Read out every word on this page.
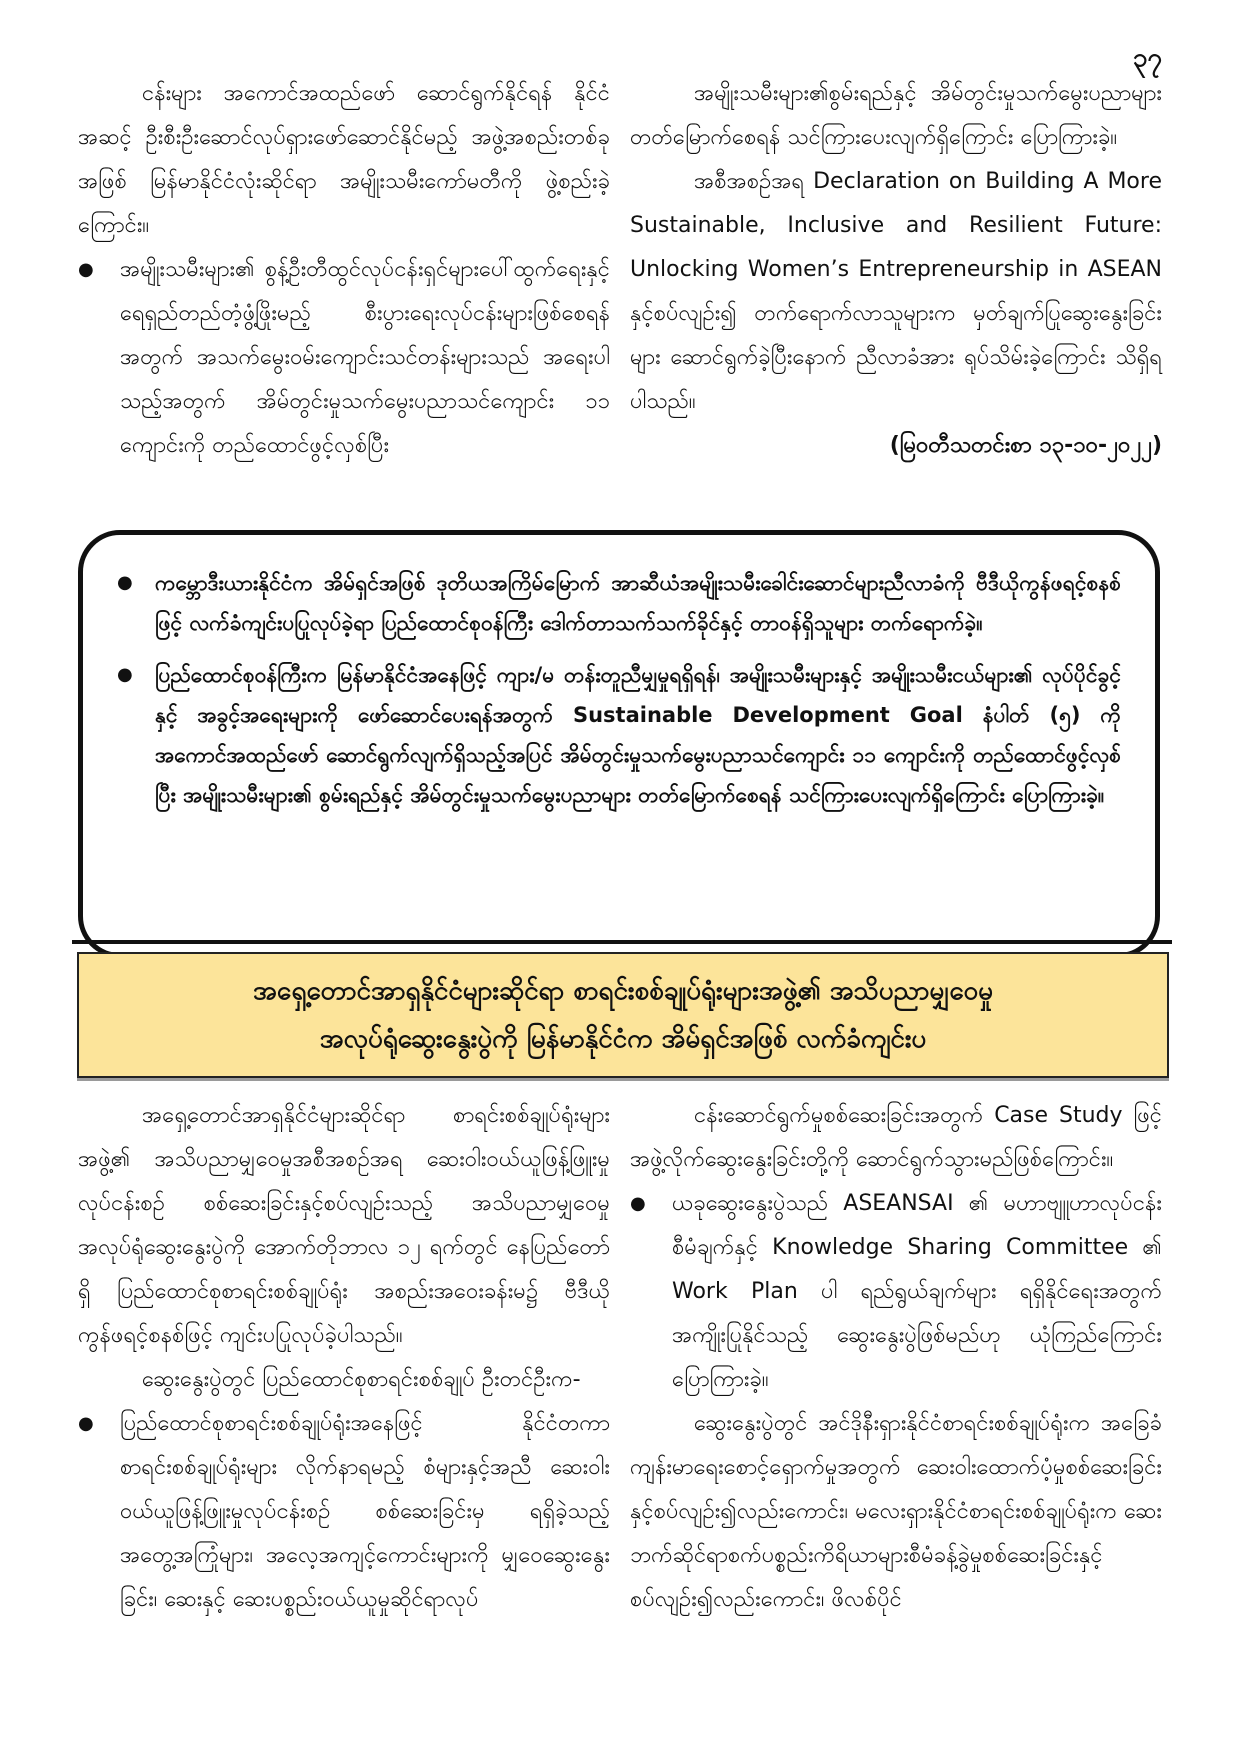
၃၇

ငန်းများ အကောင်အထည်ဖော် ဆောင်ရွက်နိုင်ရန် နိုင်ငံအဆင့် ဦးစီးဦးဆောင်လုပ်ရှားဖော်ဆောင်နိုင်မည့် အဖွဲ့အစည်းတစ်ခုအဖြစ် မြန်မာနိုင်ငံလုံးဆိုင်ရာ အမျိုးသမီးကော်မတီကို ဖွဲ့စည်းခဲ့ကြောင်း။

● အမျိုးသမီးများ၏ စွန့်ဦးတီထွင်လုပ်ငန်းရှင်များပေါ်ထွက်ရေးနှင့် ရေရှည်တည်တံ့ဖွံ့ဖြိုးမည့် စီးပွားရေးလုပ်ငန်းများဖြစ်စေရန်အတွက် အသက်မွေးဝမ်းကျောင်းသင်တန်းများသည် အရေးပါသည့်အတွက် အိမ်တွင်းမှုသက်မွေးပညာသင်ကျောင်း ၁၁ ကျောင်းကို တည်ထောင်ဖွင့်လှစ်ပြီး

အမျိုးသမီးများ၏စွမ်းရည်နှင့် အိမ်တွင်းမှုသက်မွေးပညာများ တတ်မြောက်စေရန် သင်ကြားပေးလျက်ရှိကြောင်း ပြောကြားခဲ့။

အစီအစဉ်အရ Declaration on Building A More Sustainable, Inclusive and Resilient Future: Unlocking Women’s Entrepreneurship in ASEAN နှင့်စပ်လျဉ်း၍ တက်ရောက်လာသူများက မှတ်ချက်ပြုဆွေးနွေးခြင်းများ ဆောင်ရွက်ခဲ့ပြီးနောက် ညီလာခံအား ရုပ်သိမ်းခဲ့ကြောင်း သိရှိရပါသည်။

(မြဝတီသတင်းစာ ၁၃-၁၀-၂၀၂၂)

● ကမ္ဘောဒီးယားနိုင်ငံက အိမ်ရှင်အဖြစ် ဒုတိယအကြိမ်မြောက် အာဆီယံအမျိုးသမီးခေါင်းဆောင်များညီလာခံကို ဗီဒီယိုကွန်ဖရင့်စနစ်ဖြင့် လက်ခံကျင်းပပြုလုပ်ခဲ့ရာ ပြည်ထောင်စုဝန်ကြီး ဒေါက်တာသက်သက်ခိုင်နှင့် တာဝန်ရှိသူများ တက်ရောက်ခဲ့။
● ပြည်ထောင်စုဝန်ကြီးက မြန်မာနိုင်ငံအနေဖြင့် ကျား/မ တန်းတူညီမျှမှုရရှိရန်၊ အမျိုးသမီးများနှင့် အမျိုးသမီးငယ်များ၏ လုပ်ပိုင်ခွင့်နှင့် အခွင့်အရေးများကို ဖော်ဆောင်ပေးရန်အတွက် Sustainable Development Goal နံပါတ် (၅) ကို အကောင်အထည်ဖော် ဆောင်ရွက်လျက်ရှိသည့်အပြင် အိမ်တွင်းမှုသက်မွေးပညာသင်ကျောင်း ၁၁ ကျောင်းကို တည်ထောင်ဖွင့်လှစ်ပြီး အမျိုးသမီးများ၏ စွမ်းရည်နှင့် အိမ်တွင်းမှုသက်မွေးပညာများ တတ်မြောက်စေရန် သင်ကြားပေးလျက်ရှိကြောင်း ပြောကြားခဲ့။
အရှေ့တောင်အာရှနိုင်ငံများဆိုင်ရာ စာရင်းစစ်ချုပ်ရုံးများအဖွဲ့၏ အသိပညာမျှဝေမှု
အလုပ်ရုံဆွေးနွေးပွဲကို မြန်မာနိုင်ငံက အိမ်ရှင်အဖြစ် လက်ခံကျင်းပ

အရှေ့တောင်အာရှနိုင်ငံများဆိုင်ရာ စာရင်းစစ်ချုပ်ရုံးများအဖွဲ့၏ အသိပညာမျှဝေမှုအစီအစဉ်အရ ဆေးဝါးဝယ်ယူဖြန့်ဖြူးမှုလုပ်ငန်းစဉ် စစ်ဆေးခြင်းနှင့်စပ်လျဉ်းသည့် အသိပညာမျှဝေမှု အလုပ်ရုံဆွေးနွေးပွဲကို အောက်တိုဘာလ ၁၂ ရက်တွင် နေပြည်တော်ရှိ ပြည်ထောင်စုစာရင်းစစ်ချုပ်ရုံး အစည်းအဝေးခန်းမ၌ ဗီဒီယိုကွန်ဖရင့်စနစ်ဖြင့် ကျင်းပပြုလုပ်ခဲ့ပါသည်။

ဆွေးနွေးပွဲတွင် ပြည်ထောင်စုစာရင်းစစ်ချုပ် ဦးတင်ဦးက-

● ပြည်ထောင်စုစာရင်းစစ်ချုပ်ရုံးအနေဖြင့် နိုင်ငံတကာစာရင်းစစ်ချုပ်ရုံးများ လိုက်နာရမည့် စံများနှင့်အညီ ဆေးဝါးဝယ်ယူဖြန့်ဖြူးမှုလုပ်ငန်းစဉ် စစ်ဆေးခြင်းမှ ရရှိခဲ့သည့် အတွေ့အကြုံများ၊ အလေ့အကျင့်ကောင်းများကို မျှဝေဆွေးနွေးခြင်း၊ ဆေးနှင့် ဆေးပစ္စည်းဝယ်ယူမှုဆိုင်ရာလုပ်

ငန်းဆောင်ရွက်မှုစစ်ဆေးခြင်းအတွက် Case Study ဖြင့် အဖွဲ့လိုက်ဆွေးနွေးခြင်းတို့ကို ဆောင်ရွက်သွားမည်ဖြစ်ကြောင်း။

● ယခုဆွေးနွေးပွဲသည် ASEANSAI ၏ မဟာဗျူဟာလုပ်ငန်းစီမံချက်နှင့် Knowledge Sharing Committee ၏ Work Plan ပါ ရည်ရွယ်ချက်များ ရရှိနိုင်ရေးအတွက် အကျိုးပြုနိုင်သည့် ဆွေးနွေးပွဲဖြစ်မည်ဟု ယုံကြည်ကြောင်း ပြောကြားခဲ့။

ဆွေးနွေးပွဲတွင် အင်ဒိုနီးရှားနိုင်ငံစာရင်းစစ်ချုပ်ရုံးက အခြေခံကျန်းမာရေးစောင့်ရှောက်မှုအတွက် ဆေးဝါးထောက်ပံ့မှုစစ်ဆေးခြင်းနှင့်စပ်လျဉ်း၍လည်းကောင်း၊ မလေးရှားနိုင်ငံစာရင်းစစ်ချုပ်ရုံးက ဆေးဘက်ဆိုင်ရာစက်ပစ္စည်းကိရိယာများစီမံခန့်ခွဲမှုစစ်ဆေးခြင်းနှင့်စပ်လျဉ်း၍လည်းကောင်း၊ ဖိလစ်ပိုင်
